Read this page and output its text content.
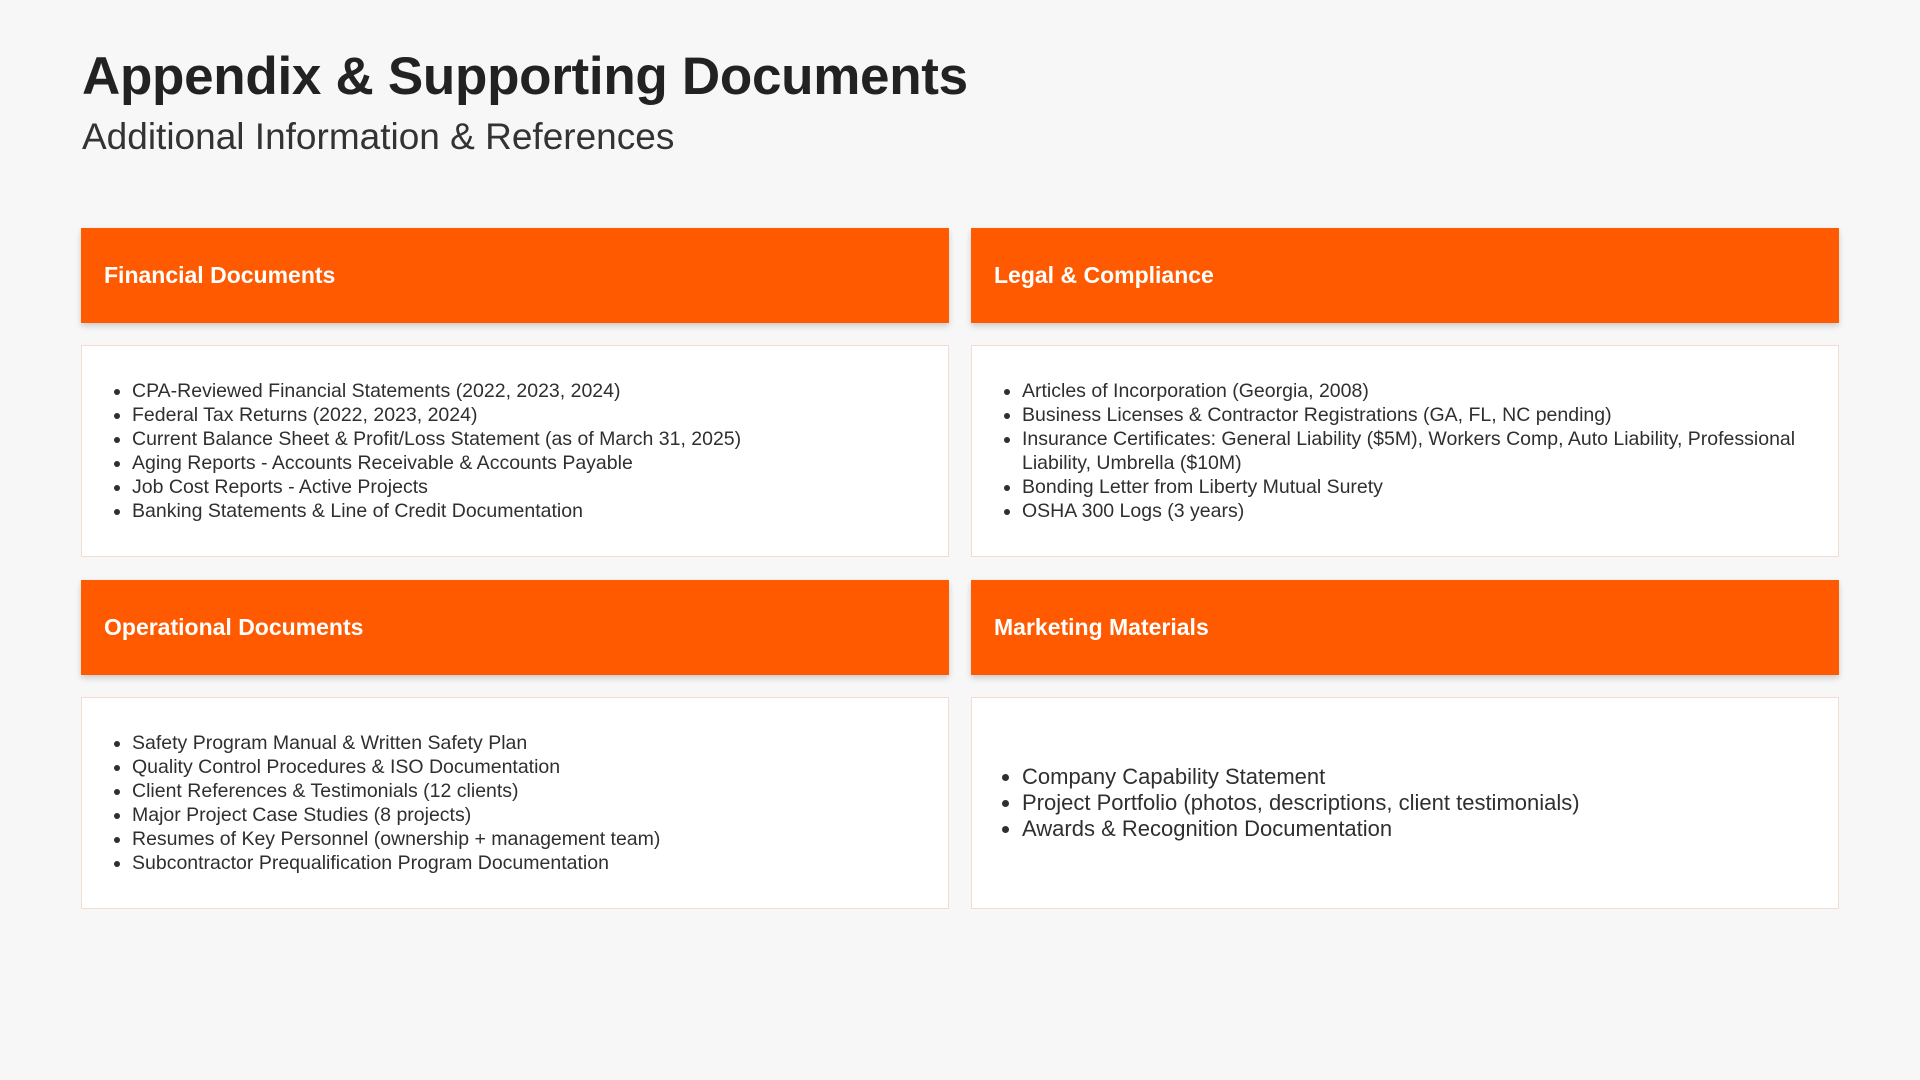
Appendix & Supporting Documents
Additional Information & References
Financial Documents
• CPA-Reviewed Financial Statements (2022, 2023, 2024)
• Federal Tax Returns (2022, 2023, 2024)
• Current Balance Sheet & Profit/Loss Statement (as of March 31, 2025)
• Aging Reports - Accounts Receivable & Accounts Payable
• Job Cost Reports - Active Projects
• Banking Statements & Line of Credit Documentation
Legal & Compliance
• Articles of Incorporation (Georgia, 2008)
• Business Licenses & Contractor Registrations (GA, FL, NC pending)
• Insurance Certificates: General Liability ($5M), Workers Comp, Auto Liability, Professional Liability, Umbrella ($10M)
• Bonding Letter from Liberty Mutual Surety
• OSHA 300 Logs (3 years)
Operational Documents
• Safety Program Manual & Written Safety Plan
• Quality Control Procedures & ISO Documentation
• Client References & Testimonials (12 clients)
• Major Project Case Studies (8 projects)
• Resumes of Key Personnel (ownership + management team)
• Subcontractor Prequalification Program Documentation
Marketing Materials
• Company Capability Statement
• Project Portfolio (photos, descriptions, client testimonials)
• Awards & Recognition Documentation
